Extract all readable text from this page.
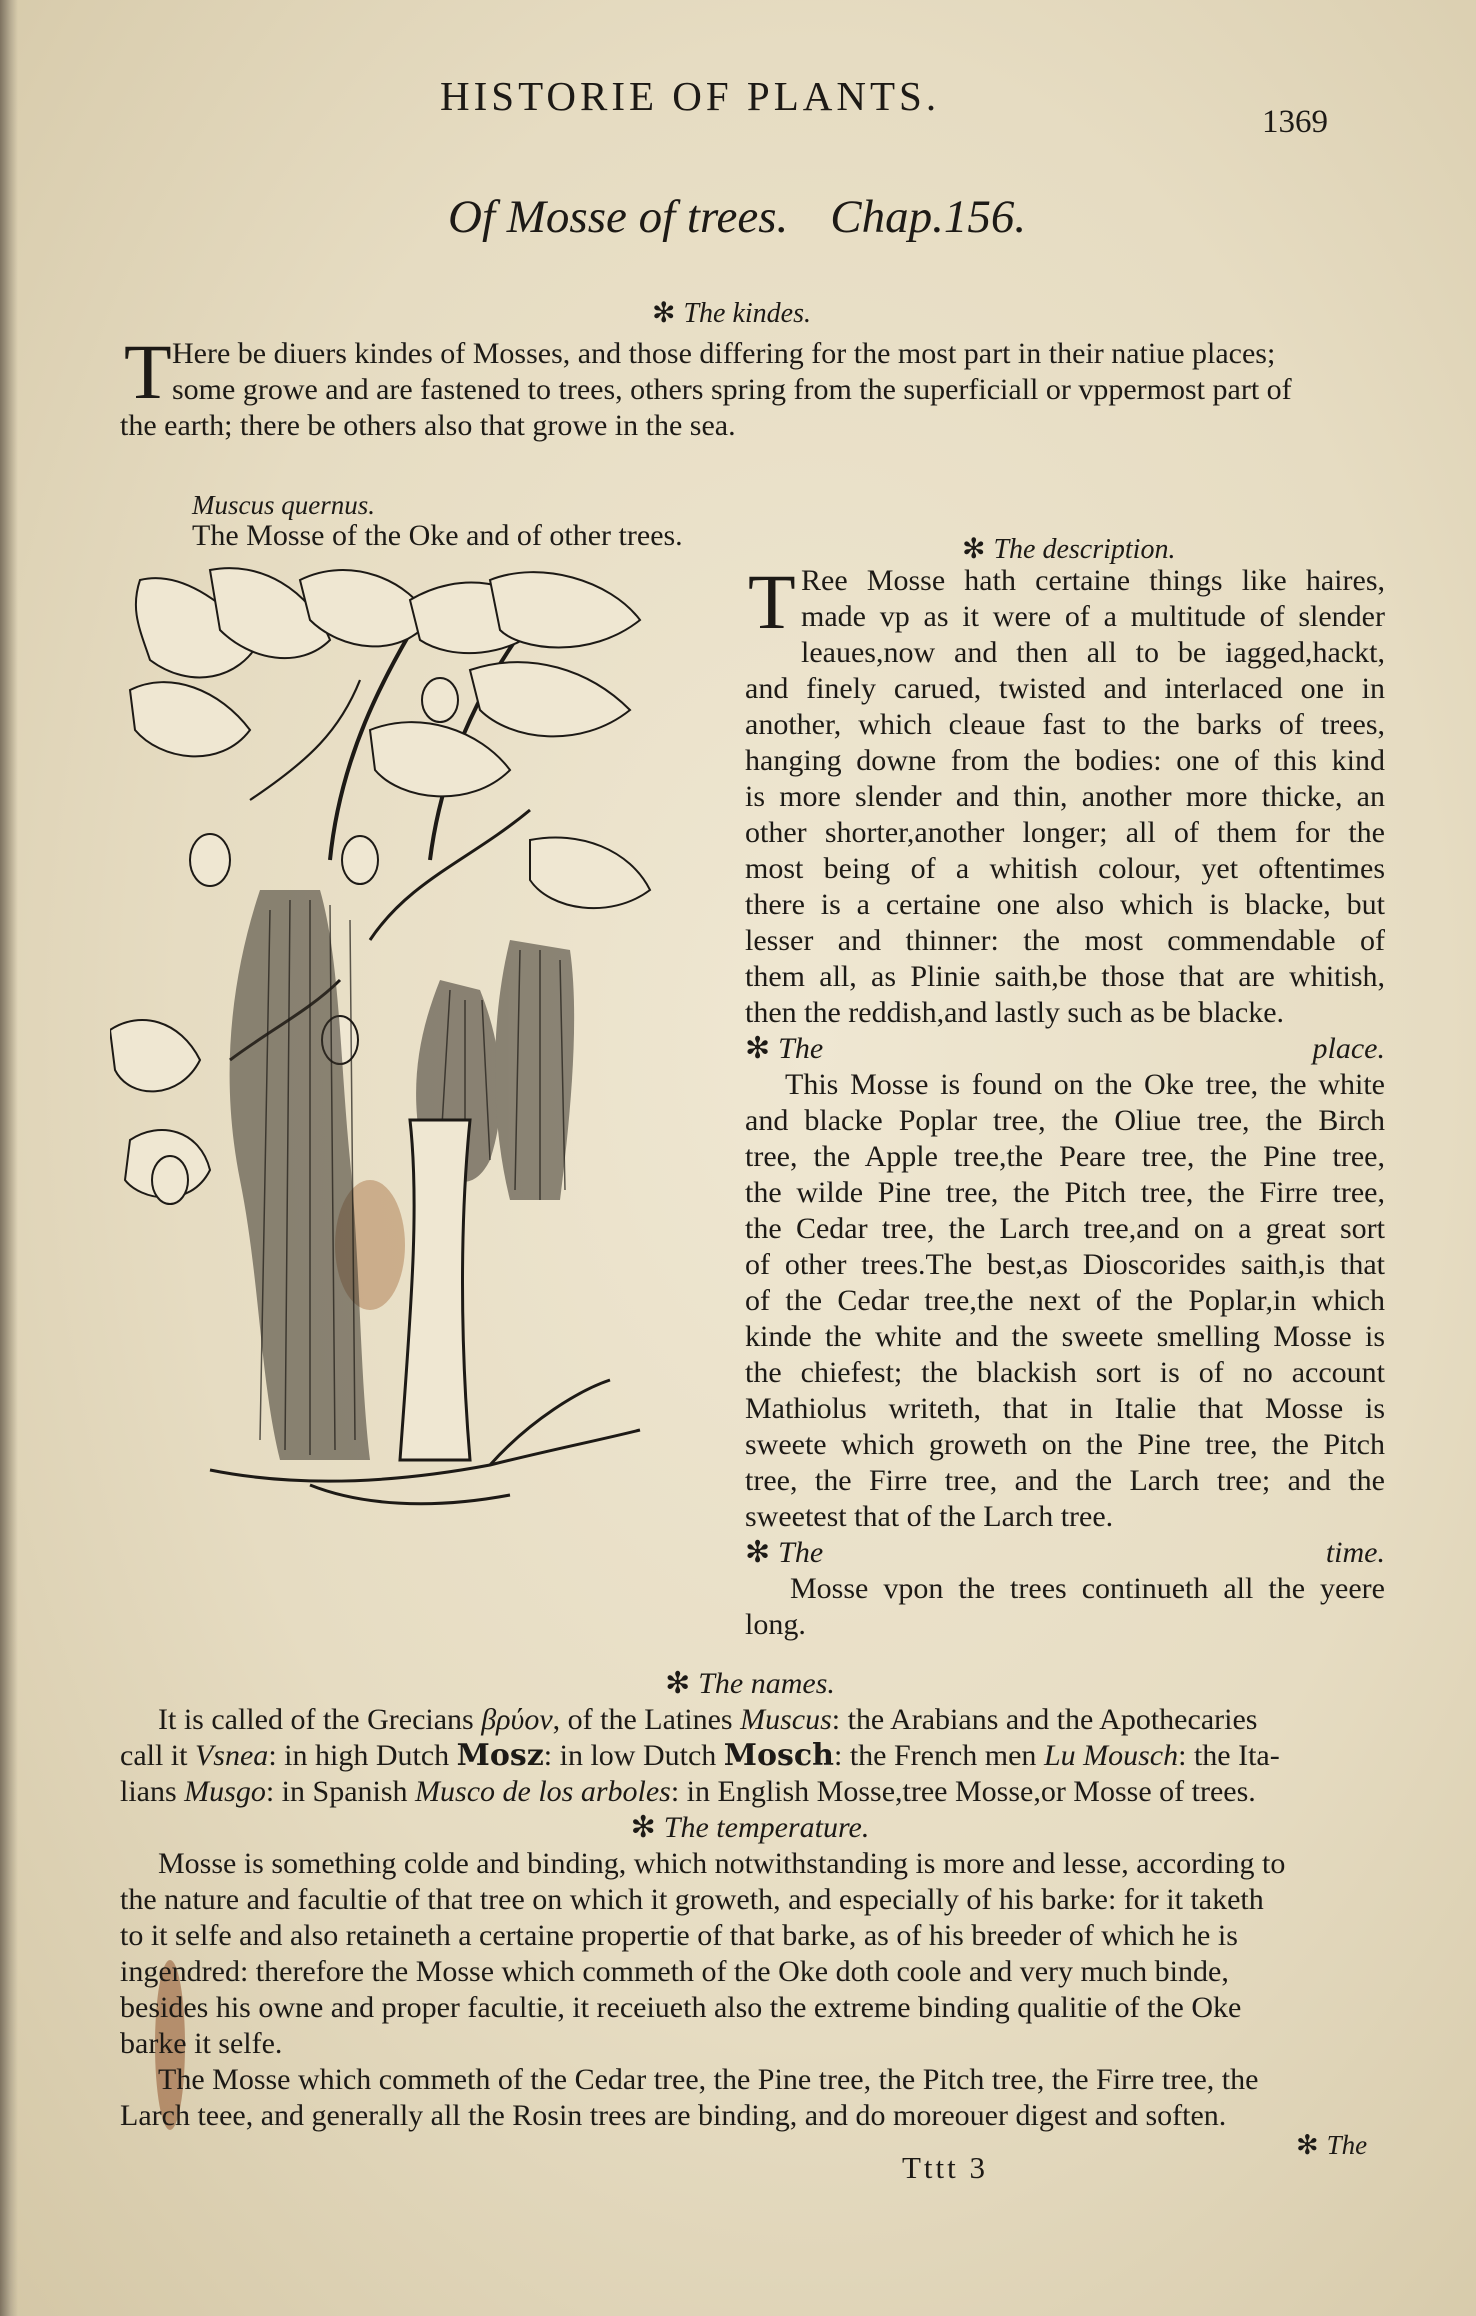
HISTORIE OF PLANTS.
1369
Of Mosse of trees. Chap.156.
✻ The kindes.
T Here be diuers kindes of Mosses, and those differing for the most part in their natiue places;
some growe and are fastened to trees, others spring from the superficiall or vppermost part of
the earth; there be others also that growe in the sea.
Muscus quernus.
The Mosse of the Oke and of other trees.	✻ The description.
T Ree Mosse hath certaine things like haires,
made vp as it were of a multitude of slender
leaues,now and then all to be iagged,hackt,
and finely carued, twisted and interlaced one in
another, which cleaue fast to the barks of trees,
hanging downe from the bodies: one of this kind
is more slender and thin, another more thicke, an
other shorter,another longer; all of them for the
most being of a whitish colour, yet oftentimes
there is a certaine one also which is blacke, but
lesser and thinner: the most commendable of
them all, as Plinie saith,be those that are whitish,
then the reddish,and lastly such as be blacke.
✻ The place.
This Mosse is found on the Oke tree, the white
and blacke Poplar tree, the Oliue tree, the Birch
tree, the Apple tree,the Peare tree, the Pine tree,
the wilde Pine tree, the Pitch tree, the Firre tree,
the Cedar tree, the Larch tree,and on a great sort
of other trees.The best,as Dioscorides saith,is that
of the Cedar tree,the next of the Poplar,in which
kinde the white and the sweete smelling Mosse is
the chiefest; the blackish sort is of no account
Mathiolus writeth, that in Italie that Mosse is
sweete which groweth on the Pine tree, the Pitch
tree, the Firre tree, and the Larch tree; and the
sweetest that of the Larch tree.
✻ The time.
Mosse vpon the trees continueth all the yeere
long.
✻ The names.
It is called of the Grecians βρύον, of the Latines Muscus: the Arabians and the Apothecaries
call it Vsnea: in high Dutch Mosz: in low Dutch Mosch: the French men Lu Mousch: the Ita-
lians Musgo: in Spanish Musco de los arboles: in English Mosse,tree Mosse,or Mosse of trees.
✻ The temperature.
Mosse is something colde and binding, which notwithstanding is more and lesse, according to
the nature and facultie of that tree on which it groweth, and especially of his barke: for it taketh
to it selfe and also retaineth a certaine propertie of that barke, as of his breeder of which he is
ingendred: therefore the Mosse which commeth of the Oke doth coole and very much binde,
besides his owne and proper facultie, it receiueth also the extreme binding qualitie of the Oke
barke it selfe.
The Mosse which commeth of the Cedar tree, the Pine tree, the Pitch tree, the Firre tree, the
Larch teee, and generally all the Rosin trees are binding, and do moreouer digest and soften.
✻ The
Tttt 3
